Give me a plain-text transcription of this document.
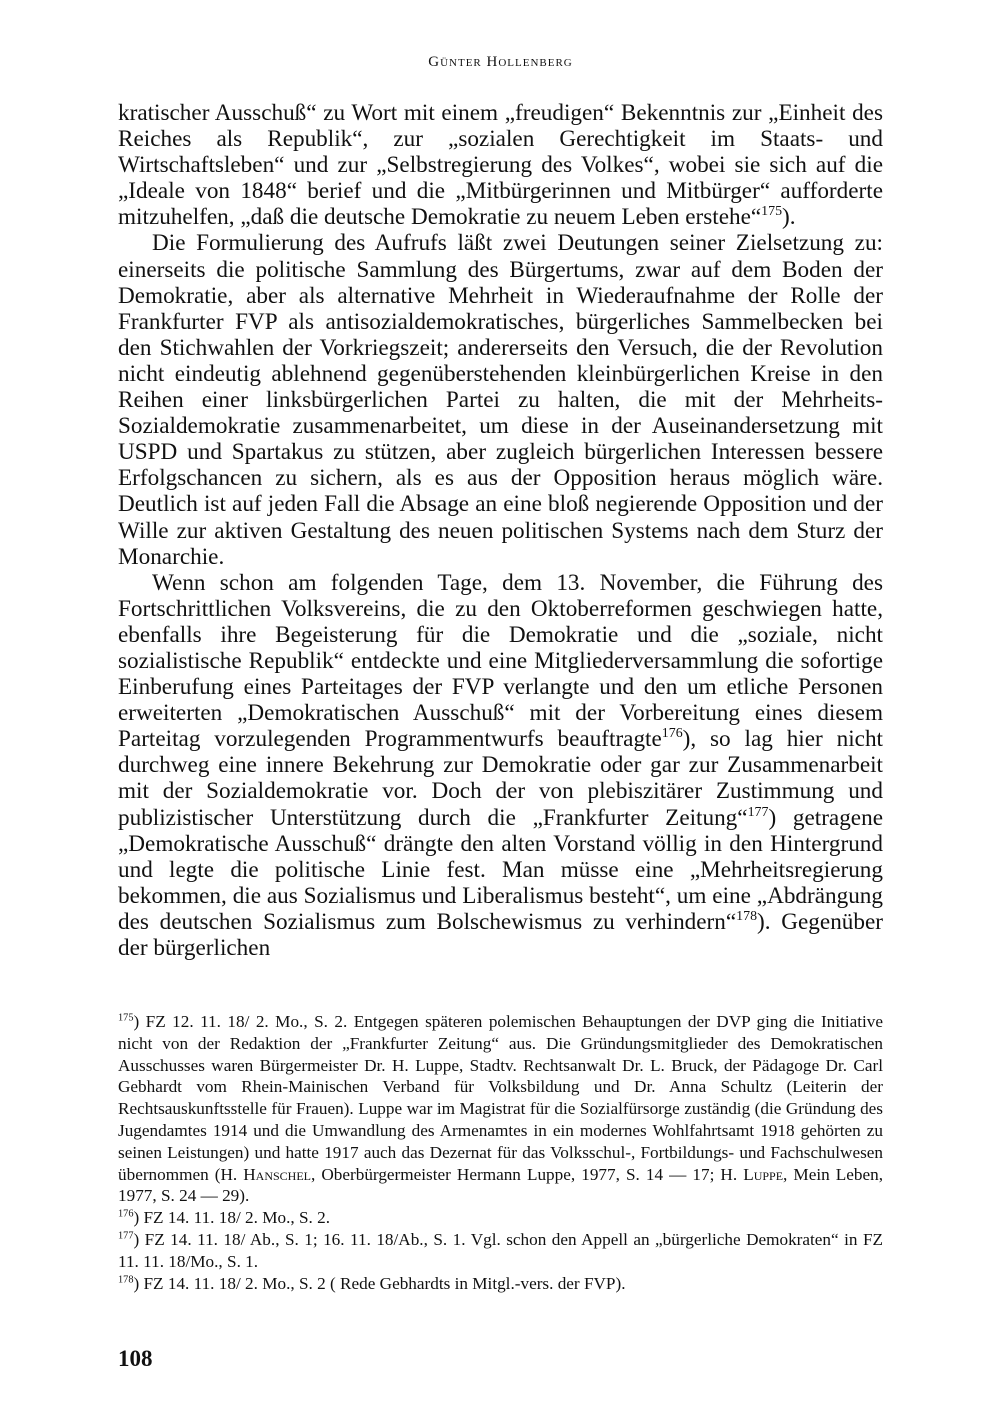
Günter Hollenberg

kratischer Ausschuß“ zu Wort mit einem „freudigen“ Bekenntnis zur „Einheit des Reiches als Republik“, zur „sozialen Gerechtigkeit im Staats- und Wirtschaftsleben“ und zur „Selbstregierung des Volkes“, wobei sie sich auf die „Ideale von 1848“ berief und die „Mitbürgerinnen und Mitbürger“ aufforderte mitzuhelfen, „daß die deutsche Demokratie zu neuem Leben erstehe“$^{175}$).

Die Formulierung des Aufrufs läßt zwei Deutungen seiner Zielsetzung zu: einerseits die politische Sammlung des Bürgertums, zwar auf dem Boden der Demokratie, aber als alternative Mehrheit in Wiederaufnahme der Rolle der Frankfurter FVP als antisozialdemokratisches, bürgerliches Sammelbecken bei den Stichwahlen der Vorkriegszeit; andererseits den Versuch, die der Revolution nicht eindeutig ablehnend gegenüberstehenden kleinbürgerlichen Kreise in den Reihen einer linksbürgerlichen Partei zu halten, die mit der Mehrheits-Sozialdemokratie zusammenarbeitet, um diese in der Auseinandersetzung mit USPD und Spartakus zu stützen, aber zugleich bürgerlichen Interessen bessere Erfolgschancen zu sichern, als es aus der Opposition heraus möglich wäre. Deutlich ist auf jeden Fall die Absage an eine bloß negierende Opposition und der Wille zur aktiven Gestaltung des neuen politischen Systems nach dem Sturz der Monarchie.

Wenn schon am folgenden Tage, dem 13. November, die Führung des Fortschrittlichen Volksvereins, die zu den Oktoberreformen geschwiegen hatte, ebenfalls ihre Begeisterung für die Demokratie und die „soziale, nicht sozialistische Republik“ entdeckte und eine Mitgliederversammlung die sofortige Einberufung eines Parteitages der FVP verlangte und den um etliche Personen erweiterten „Demokratischen Ausschuß“ mit der Vorbereitung eines diesem Parteitag vorzulegenden Programmentwurfs beauftragte$^{176}$), so lag hier nicht durchweg eine innere Bekehrung zur Demokratie oder gar zur Zusammenarbeit mit der Sozialdemokratie vor. Doch der von plebiszitärer Zustimmung und publizistischer Unterstützung durch die „Frankfurter Zeitung“$^{177}$) getragene „Demokratische Ausschuß“ drängte den alten Vorstand völlig in den Hintergrund und legte die politische Linie fest. Man müsse eine „Mehrheitsregierung bekommen, die aus Sozialismus und Liberalismus besteht“, um eine „Abdrängung des deutschen Sozialismus zum Bolschewismus zu verhindern“$^{178}$). Gegenüber der bürgerlichen

$^{175}$) FZ 12. 11. 18/ 2. Mo., S. 2. Entgegen späteren polemischen Behauptungen der DVP ging die Initiative nicht von der Redaktion der „Frankfurter Zeitung“ aus. Die Gründungsmitglieder des Demokratischen Ausschusses waren Bürgermeister Dr. H. Luppe, Stadtv. Rechtsanwalt Dr. L. Bruck, der Pädagoge Dr. Carl Gebhardt vom Rhein-Mainischen Verband für Volksbildung und Dr. Anna Schultz (Leiterin der Rechtsauskunftsstelle für Frauen). Luppe war im Magistrat für die Sozialfürsorge zuständig (die Gründung des Jugendamtes 1914 und die Umwandlung des Armenamtes in ein modernes Wohlfahrtsamt 1918 gehörten zu seinen Leistungen) und hatte 1917 auch das Dezernat für das Volksschul-, Fortbildungs- und Fachschulwesen übernommen (H. Hanschel, Oberbürgermeister Hermann Luppe, 1977, S. 14 — 17; H. Luppe, Mein Leben, 1977, S. 24 — 29).

$^{176}$) FZ 14. 11. 18/ 2. Mo., S. 2.

$^{177}$) FZ 14. 11. 18/ Ab., S. 1; 16. 11. 18/Ab., S. 1. Vgl. schon den Appell an „bürgerliche Demokraten“ in FZ 11. 11. 18/Mo., S. 1.

$^{178}$) FZ 14. 11. 18/ 2. Mo., S. 2 ( Rede Gebhardts in Mitgl.-vers. der FVP).

108
